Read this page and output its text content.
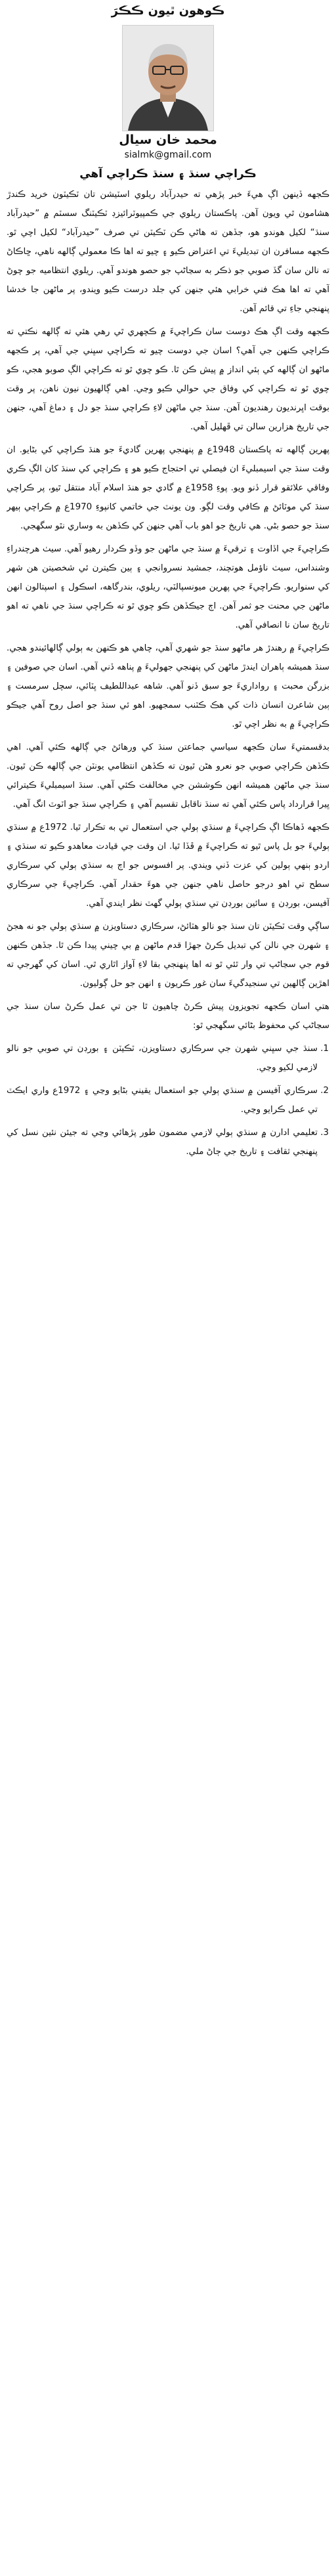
ڪوهون ٿيون ڪڪرَ
محمد خان سيال
sialmk@gmail.com
ڪراچي سنڌ ۽ سنڌ ڪراچي آهي

ڪجهه ڏينهن اڳ هيءَ خبر پڙهي ته حيدرآباد ريلوي اسٽيشن تان ٽڪيٽون خريد ڪندڙ هشامون ٿي ويون آهن. پاڪستان ريلوي جي ڪمپيوٽرائيزڊ ٽڪيٽنگ سسٽم ۾ ”حيدرآباد سنڌ“ لکيل هوندو هو، جڏهن ته هاڻي ڪن ٽڪيٽن تي صرف ”حيدرآباد“ لکيل اچي ٿو. ڪجهه مسافرن ان تبديليءَ تي اعتراض ڪيو ۽ چيو ته اها ڪا معمولي ڳالهه ناهي، ڇاڪاڻ ته نالن سان گڏ صوبي جو ذڪر به سڃاڻپ جو حصو هوندو آهي. ريلوي انتظاميه جو چوڻ آهي ته اها هڪ فني خرابي هئي جنهن کي جلد درست ڪيو ويندو، پر ماڻهن جا خدشا پنهنجي جاءِ تي قائم آهن.

ڪجهه وقت اڳ هڪ دوست سان ڪراچيءَ ۾ ڪچهري ٿي رهي هئي ته ڳالهه نڪتي ته ڪراچي ڪنهن جي آهي؟ اسان جي دوست چيو ته ڪراچي سڀني جي آهي، پر ڪجهه ماڻهو ان ڳالهه کي ٻئي انداز ۾ پيش ڪن ٿا. ڪو چوي ٿو ته ڪراچي الڳ صوبو هجي، ڪو چوي ٿو ته ڪراچي کي وفاق جي حوالي ڪيو وڃي. اهي ڳالهيون نيون ناهن، پر وقت بوقت اڀرنديون رهنديون آهن. سنڌ جي ماڻهن لاءِ ڪراچي سنڌ جو دل ۽ دماغ آهي، جنهن جي تاريخ هزارين سالن تي ڦهليل آهي.

پهرين ڳالهه ته پاڪستان 1948ع ۾ پنهنجي پهرين گاديءَ جو هنڌ ڪراچي کي بڻايو. ان وقت سنڌ جي اسيمبليءَ ان فيصلي تي احتجاج ڪيو هو ۽ ڪراچي کي سنڌ کان الڳ ڪري وفاقي علائقو قرار ڏنو ويو. پوءِ 1958ع ۾ گادي جو هنڌ اسلام آباد منتقل ٿيو، پر ڪراچي سنڌ کي موٽائڻ ۾ ڪافي وقت لڳو. ون يونٽ جي خاتمي کانپوءِ 1970ع ۾ ڪراچي ٻيهر سنڌ جو حصو بڻي. هي تاريخ جو اهو باب آهي جنهن کي ڪڏهن به وساري نٿو سگهجي.

ڪراچيءَ جي اڏاوت ۽ ترقيءَ ۾ سنڌ جي ماڻهن جو وڏو ڪردار رهيو آهي. سيٺ هرچندراءِ وشنداس، سيٺ ناؤمل هوتچند، جمشيد نسروانجي ۽ ٻين ڪيترن ئي شخصيتن هن شهر کي سنواريو. ڪراچيءَ جي پهرين ميونسپالٽي، ريلوي، بندرگاهه، اسڪول ۽ اسپتالون انهن ماڻهن جي محنت جو ثمر آهن. اڄ جيڪڏهن ڪو چوي ٿو ته ڪراچي سنڌ جي ناهي ته اهو تاريخ سان نا انصافي آهي.

ڪراچيءَ ۾ رهندڙ هر ماڻهو سنڌ جو شهري آهي، چاهي هو ڪنهن به ٻولي ڳالهائيندو هجي. سنڌ هميشه ٻاهران ايندڙ ماڻهن کي پنهنجي جهوليءَ ۾ پناهه ڏني آهي. اسان جي صوفين ۽ بزرگن محبت ۽ رواداريءَ جو سبق ڏنو آهي. شاهه عبداللطيف ڀٽائي، سچل سرمست ۽ ٻين شاعرن انسان ذات کي هڪ ڪٽنب سمجهيو. اهو ئي سنڌ جو اصل روح آهي جيڪو ڪراچيءَ ۾ به نظر اچي ٿو.

بدقسمتيءَ سان ڪجهه سياسي جماعتن سنڌ کي ورهائڻ جي ڳالهه ڪئي آهي. اهي ڪڏهن ڪراچي صوبي جو نعرو هڻن ٿيون ته ڪڏهن انتظامي يونٽن جي ڳالهه ڪن ٿيون. سنڌ جي ماڻهن هميشه انهن ڪوششن جي مخالفت ڪئي آهي. سنڌ اسيمبليءَ ڪيترائي ڀيرا قرارداد پاس ڪئي آهي ته سنڌ ناقابل تقسيم آهي ۽ ڪراچي سنڌ جو اٽوٽ انگ آهي.

ڪجهه ڏهاڪا اڳ ڪراچيءَ ۾ سنڌي ٻولي جي استعمال تي به تڪرار ٿيا. 1972ع ۾ سنڌي ٻوليءَ جو بل پاس ٿيو ته ڪراچيءَ ۾ ڦڏا ٿيا. ان وقت جي قيادت معاهدو ڪيو ته سنڌي ۽ اردو ٻنهي ٻولين کي عزت ڏني ويندي. پر افسوس جو اڄ به سنڌي ٻولي کي سرڪاري سطح تي اهو درجو حاصل ناهي جنهن جي هوءَ حقدار آهي. ڪراچيءَ جي سرڪاري آفيسن، بورڊن ۽ سائين بورڊن تي سنڌي ٻولي گهٽ نظر ايندي آهي.

ساڳي وقت ٽڪيٽن تان سنڌ جو نالو هٽائڻ، سرڪاري دستاويزن ۾ سنڌي ٻولي جو نه هجڻ ۽ شهرن جي نالن کي تبديل ڪرڻ جهڙا قدم ماڻهن ۾ بي چيني پيدا ڪن ٿا. جڏهن ڪنهن قوم جي سڃاڻپ تي وار ٿئي ٿو ته اها پنهنجي بقا لاءِ آواز اٿاري ٿي. اسان کي گهرجي ته اهڙين ڳالهين تي سنجيدگيءَ سان غور ڪريون ۽ انهن جو حل ڳوليون.

هتي اسان ڪجهه تجويزون پيش ڪرڻ چاهيون ٿا جن تي عمل ڪرڻ سان سنڌ جي سڃاڻپ کي محفوظ بڻائي سگهجي ٿو:

1. سنڌ جي سڀني شهرن جي سرڪاري دستاويزن، ٽڪيٽن ۽ بورڊن تي صوبي جو نالو لازمي لکيو وڃي.
2. سرڪاري آفيسن ۾ سنڌي ٻولي جو استعمال يقيني بڻايو وڃي ۽ 1972ع واري ايڪٽ تي عمل ڪرايو وڃي.
3. تعليمي ادارن ۾ سنڌي ٻولي لازمي مضمون طور پڙهائي وڃي ته جيئن نئين نسل کي پنهنجي ثقافت ۽ تاريخ جي ڄاڻ ملي.
